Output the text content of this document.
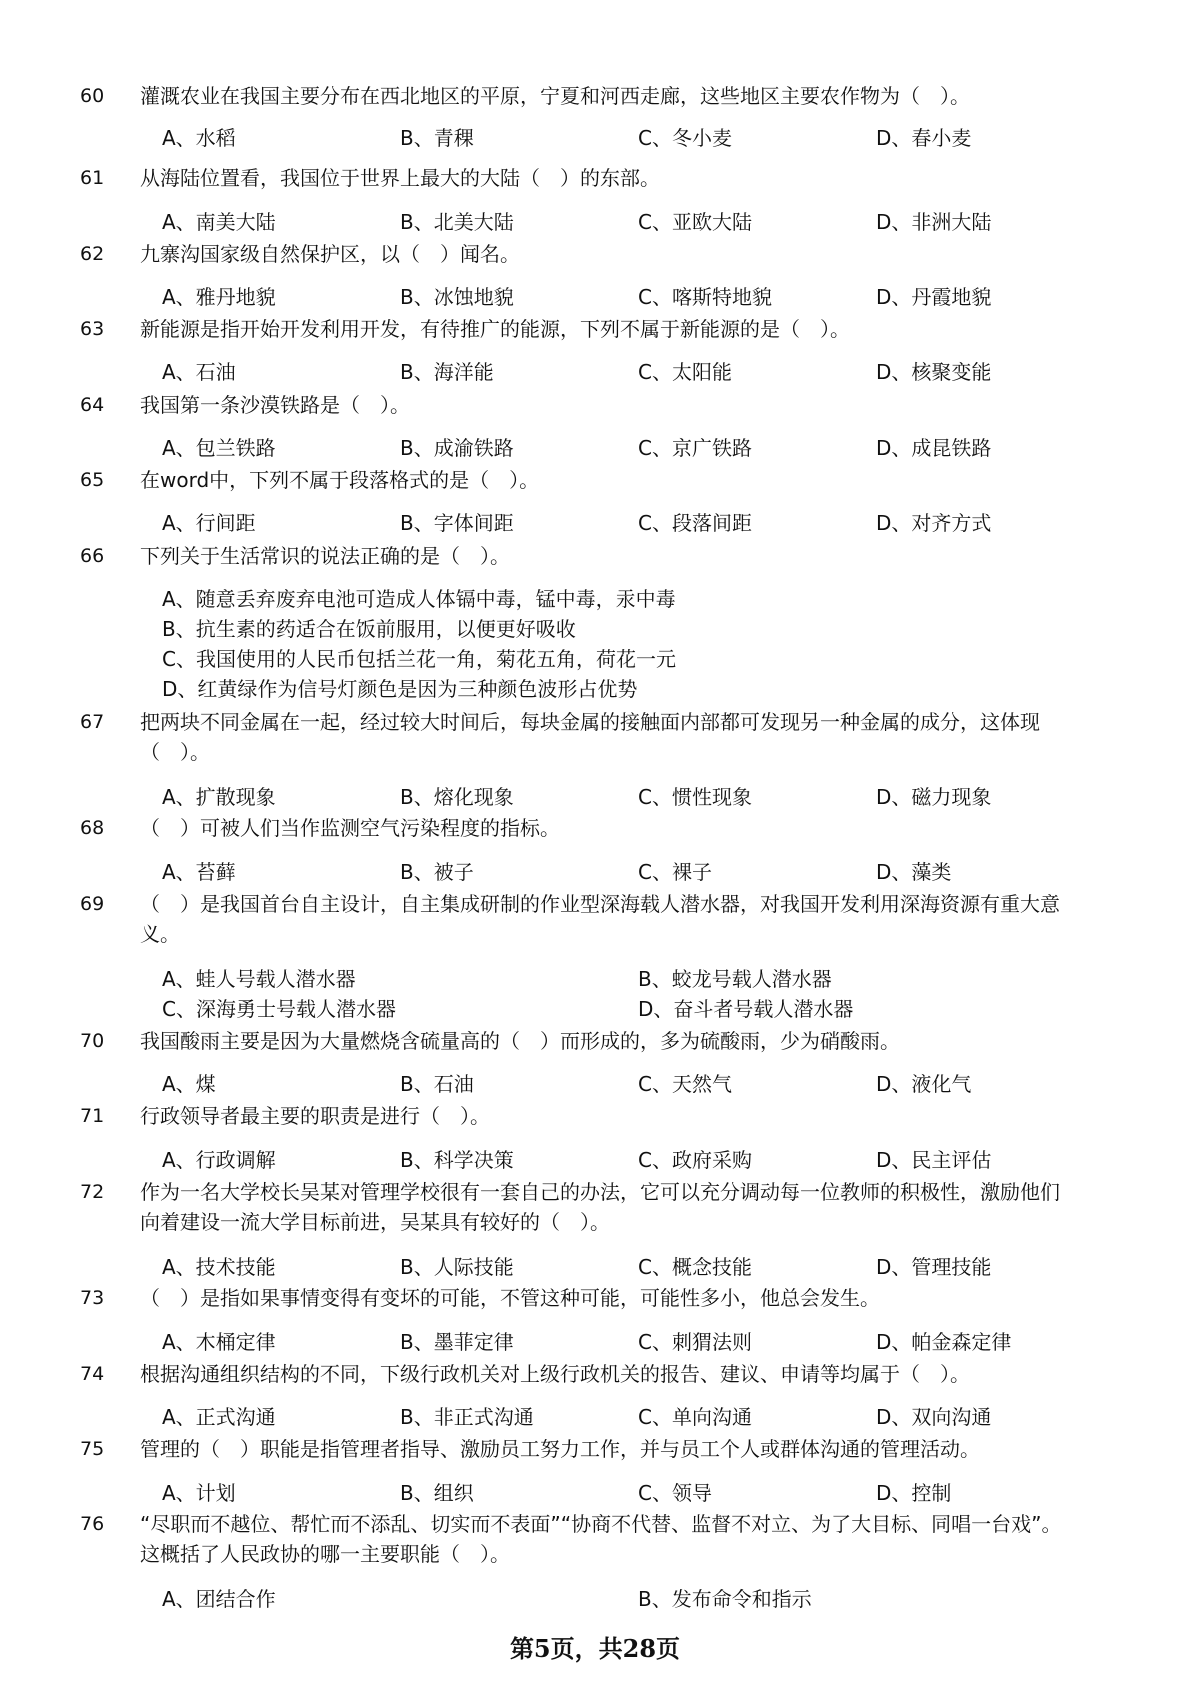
60 灌溉农业在我国主要分布在西北地区的平原，宁夏和河西走廊，这些地区主要农作物为（　）。
A、水稻	B、青稞	C、冬小麦	D、春小麦
61 从海陆位置看，我国位于世界上最大的大陆（　）的东部。
A、南美大陆	B、北美大陆	C、亚欧大陆	D、非洲大陆
62 九寨沟国家级自然保护区，以（　）闻名。
A、雅丹地貌	B、冰蚀地貌	C、喀斯特地貌	D、丹霞地貌
63 新能源是指开始开发利用开发，有待推广的能源，下列不属于新能源的是（　）。
A、石油	B、海洋能	C、太阳能	D、核聚变能
64 我国第一条沙漠铁路是（　）。
A、包兰铁路	B、成渝铁路	C、京广铁路	D、成昆铁路
65 在word中，下列不属于段落格式的是（　）。
A、行间距	B、字体间距	C、段落间距	D、对齐方式
66 下列关于生活常识的说法正确的是（　）。
A、随意丢弃废弃电池可造成人体镉中毒，锰中毒，汞中毒
B、抗生素的药适合在饭前服用，以便更好吸收
C、我国使用的人民币包括兰花一角，菊花五角，荷花一元
D、红黄绿作为信号灯颜色是因为三种颜色波形占优势
67 把两块不同金属在一起，经过较大时间后，每块金属的接触面内部都可发现另一种金属的成分，这体现（　）。
A、扩散现象	B、熔化现象	C、惯性现象	D、磁力现象
68 （　）可被人们当作监测空气污染程度的指标。
A、苔藓	B、被子	C、裸子	D、藻类
69 （　）是我国首台自主设计，自主集成研制的作业型深海载人潜水器，对我国开发利用深海资源有重大意义。
A、蛙人号载人潜水器	B、蛟龙号载人潜水器
C、深海勇士号载人潜水器	D、奋斗者号载人潜水器
70 我国酸雨主要是因为大量燃烧含硫量高的（　）而形成的，多为硫酸雨，少为硝酸雨。
A、煤	B、石油	C、天然气	D、液化气
71 行政领导者最主要的职责是进行（　）。
A、行政调解	B、科学决策	C、政府采购	D、民主评估
72 作为一名大学校长吴某对管理学校很有一套自己的办法，它可以充分调动每一位教师的积极性，激励他们向着建设一流大学目标前进，吴某具有较好的（　）。
A、技术技能	B、人际技能	C、概念技能	D、管理技能
73 （　）是指如果事情变得有变坏的可能，不管这种可能，可能性多小，他总会发生。
A、木桶定律	B、墨菲定律	C、刺猬法则	D、帕金森定律
74 根据沟通组织结构的不同，下级行政机关对上级行政机关的报告、建议、申请等均属于（　）。
A、正式沟通	B、非正式沟通	C、单向沟通	D、双向沟通
75 管理的（　）职能是指管理者指导、激励员工努力工作，并与员工个人或群体沟通的管理活动。
A、计划	B、组织	C、领导	D、控制
76 “尽职而不越位、帮忙而不添乱、切实而不表面”“协商不代替、监督不对立、为了大目标、同唱一台戏”。这概括了人民政协的哪一主要职能（　）。
A、团结合作	B、发布命令和指示
第5页，共28页
